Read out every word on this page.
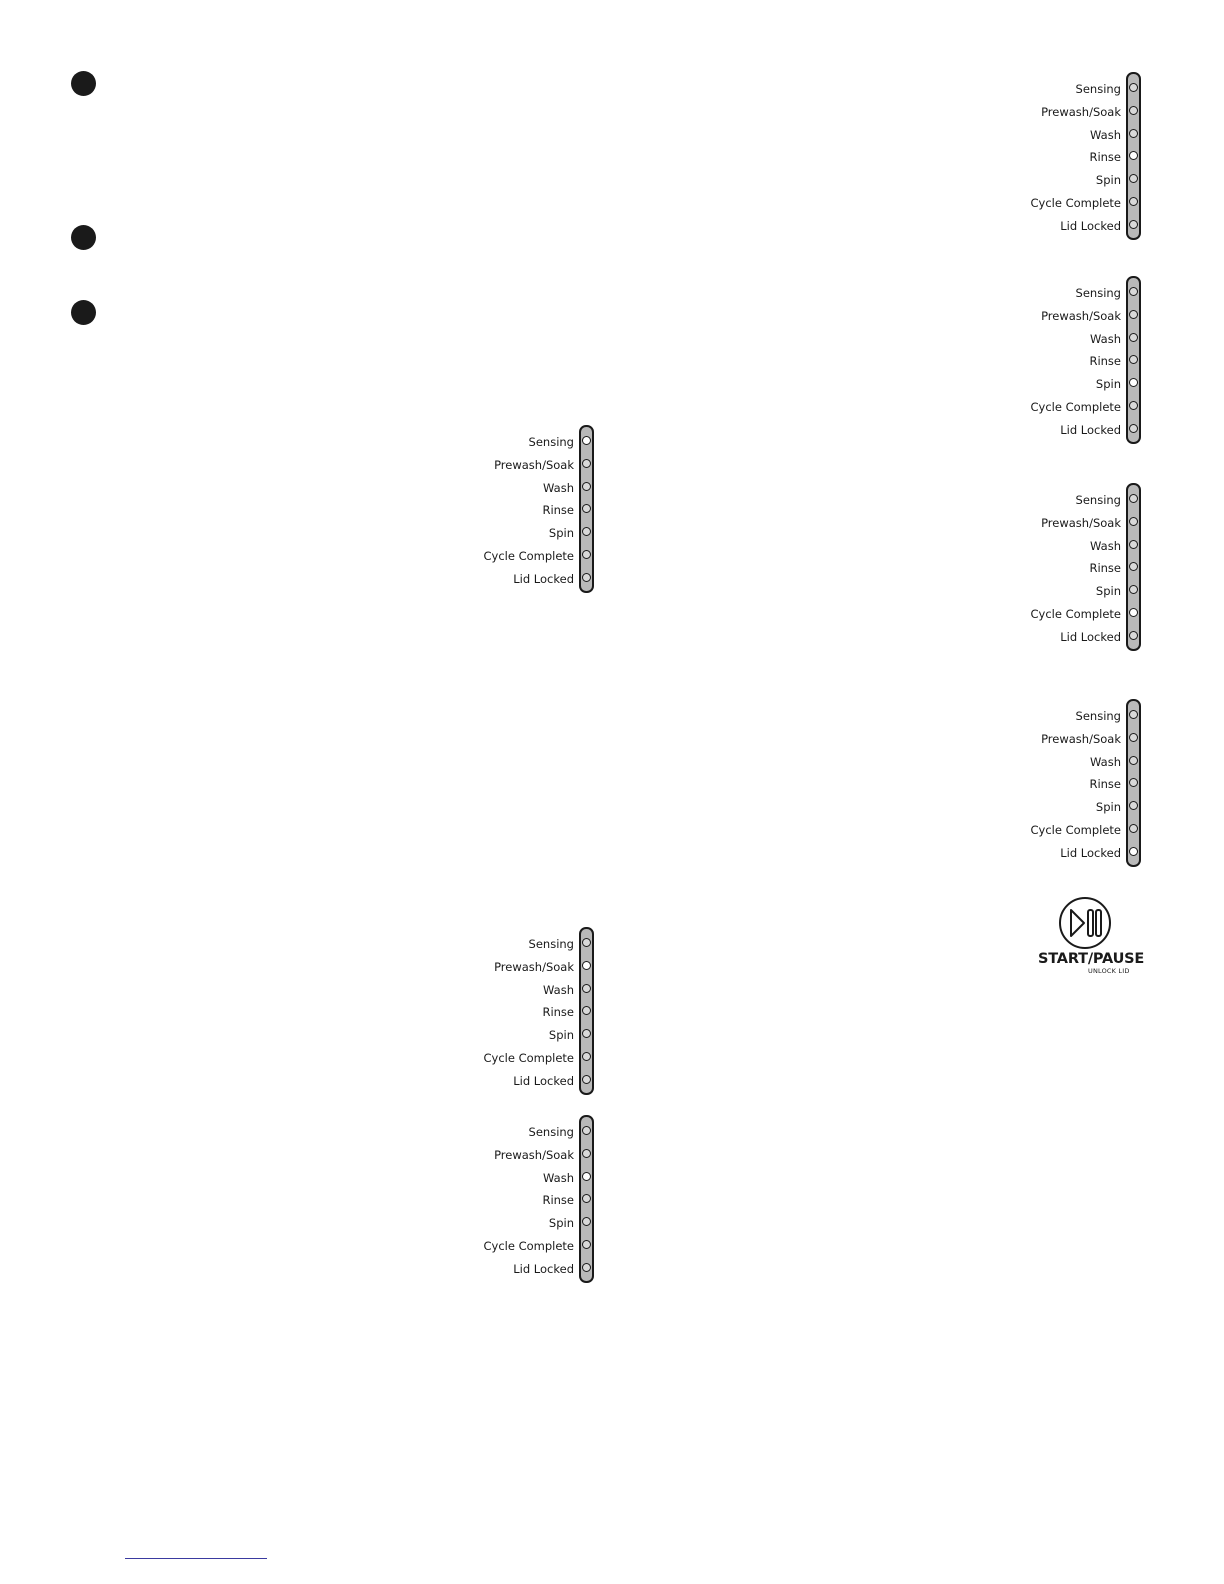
Sensing
Prewash/Soak
Wash
Rinse
Spin
Cycle Complete
Lid Locked
Sensing
Prewash/Soak
Wash
Rinse
Spin
Cycle Complete
Lid Locked
Sensing
Prewash/Soak
Wash
Rinse
Spin
Cycle Complete
Lid Locked
Sensing
Prewash/Soak
Wash
Rinse
Spin
Cycle Complete
Lid Locked
Sensing
Prewash/Soak
Wash
Rinse
Spin
Cycle Complete
Lid Locked
Sensing
Prewash/Soak
Wash
Rinse
Spin
Cycle Complete
Lid Locked
Sensing
Prewash/Soak
Wash
Rinse
Spin
Cycle Complete
Lid Locked
START/PAUSE
UNLOCK LID
